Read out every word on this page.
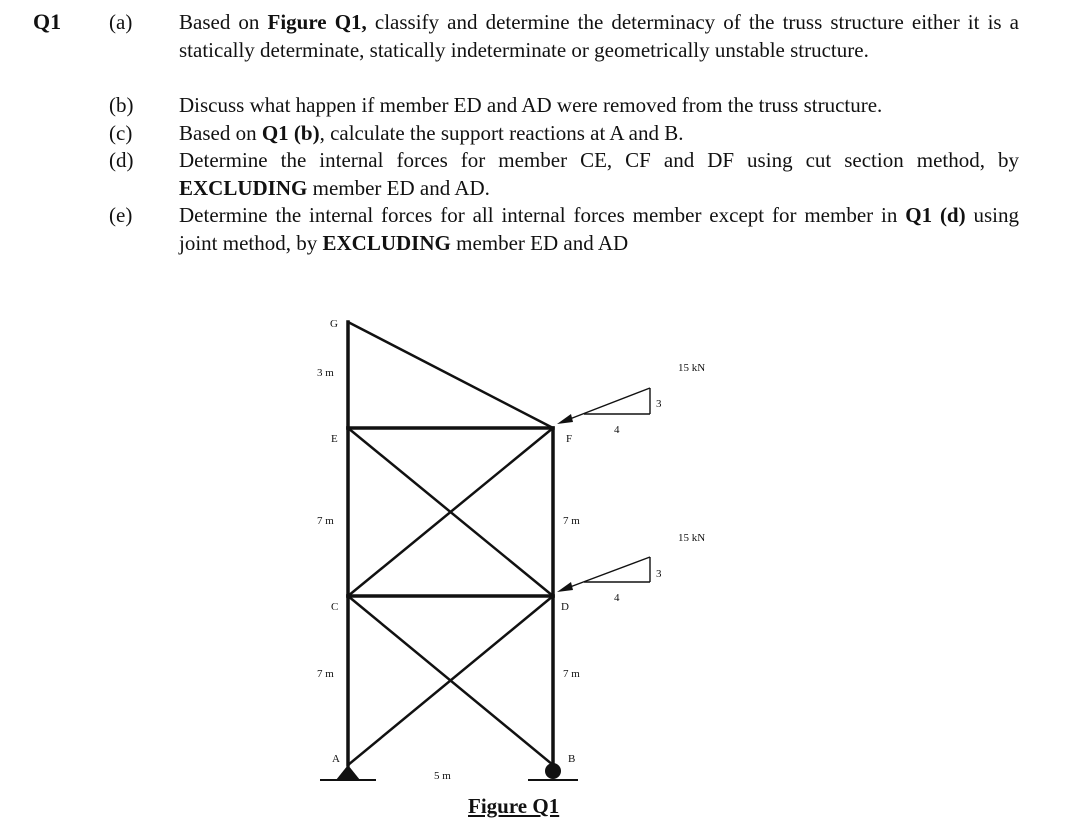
Q1 (a) Based on Figure Q1, classify and determine the determinacy of the truss structure either it is a statically determinate, statically indeterminate or geometrically unstable structure.
(b) Discuss what happen if member ED and AD were removed from the truss structure.
(c) Based on Q1 (b), calculate the support reactions at A and B.
(d) Determine the internal forces for member CE, CF and DF using cut section method, by EXCLUDING member ED and AD.
(e) Determine the internal forces for all internal forces member except for member in Q1 (d) using joint method, by EXCLUDING member ED and AD
G
E	F
C	D
A	B
3 m
7 m	7 m
7 m	7 m
5 m
15 kN
4
3
15 kN
4
3
Figure Q1
